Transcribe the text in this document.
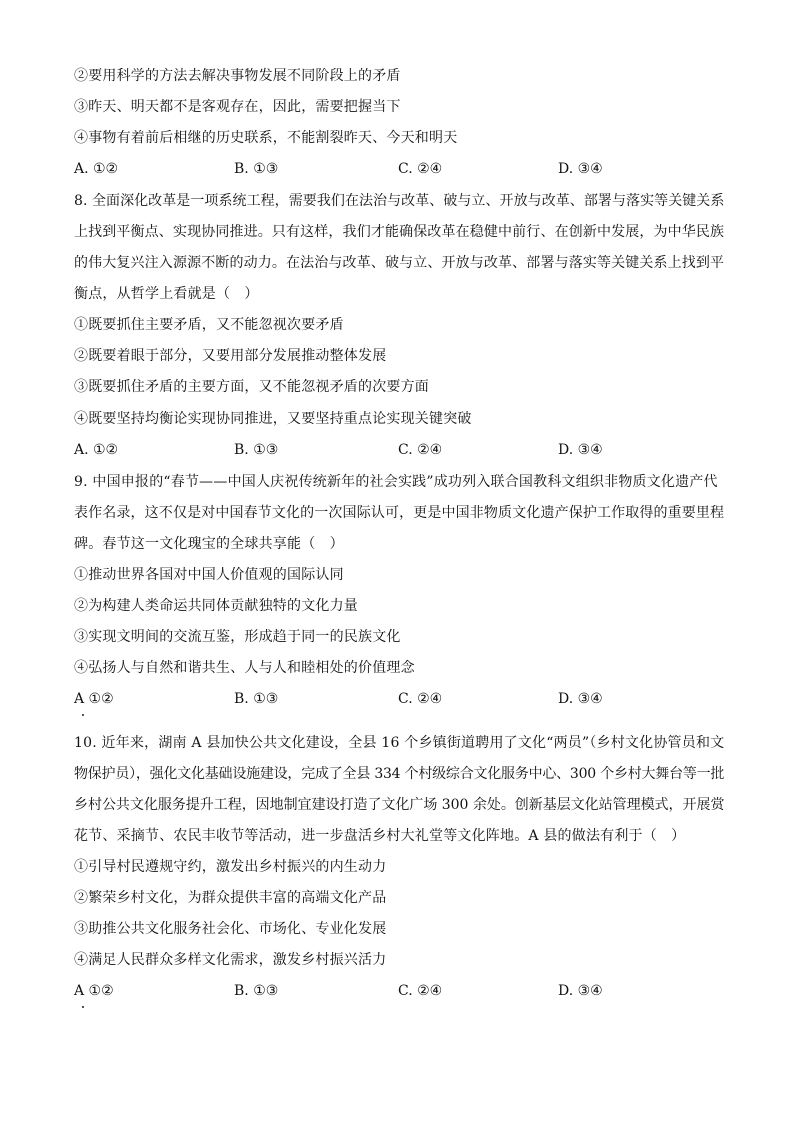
②要用科学的方法去解决事物发展不同阶段上的矛盾
③昨天、明天都不是客观存在，因此，需要把握当下
④事物有着前后相继的历史联系，不能割裂昨天、今天和明天
A. ①②	B. ①③	C. ②④	D. ③④
8. 全面深化改革是一项系统工程，需要我们在法治与改革、破与立、开放与改革、部署与落实等关键关系
上找到平衡点、实现协同推进。只有这样，我们才能确保改革在稳健中前行、在创新中发展，为中华民族
的伟大复兴注入源源不断的动力。在法治与改革、破与立、开放与改革、部署与落实等关键关系上找到平
衡点，从哲学上看就是（　）
①既要抓住主要矛盾，又不能忽视次要矛盾
②既要着眼于部分，又要用部分发展推动整体发展
③既要抓住矛盾的主要方面，又不能忽视矛盾的次要方面
④既要坚持均衡论实现协同推进，又要坚持重点论实现关键突破
A. ①②	B. ①③	C. ②④	D. ③④
9. 中国申报的“春节——中国人庆祝传统新年的社会实践”成功列入联合国教科文组织非物质文化遗产代
表作名录，这不仅是对中国春节文化的一次国际认可，更是中国非物质文化遗产保护工作取得的重要里程
碑。春节这一文化瑰宝的全球共享能（　）
①推动世界各国对中国人价值观的国际认同
②为构建人类命运共同体贡献独特的文化力量
③实现文明间的交流互鉴，形成趋于同一的民族文化
④弘扬人与自然和谐共生、人与人和睦相处的价值理念
A ①②	B. ①③	C. ②④	D. ③④
10. 近年来，湖南 A 县加快公共文化建设，全县 16 个乡镇街道聘用了文化“两员”（乡村文化协管员和文
物保护员），强化文化基础设施建设，完成了全县 334 个村级综合文化服务中心、300 个乡村大舞台等一批
乡村公共文化服务提升工程，因地制宜建设打造了文化广场 300 余处。创新基层文化站管理模式，开展赏
花节、采摘节、农民丰收节等活动，进一步盘活乡村大礼堂等文化阵地。A 县的做法有利于（　）
①引导村民遵规守约，激发出乡村振兴的内生动力
②繁荣乡村文化，为群众提供丰富的高端文化产品
③助推公共文化服务社会化、市场化、专业化发展
④满足人民群众多样文化需求，激发乡村振兴活力
A ①②	B. ①③	C. ②④	D. ③④
